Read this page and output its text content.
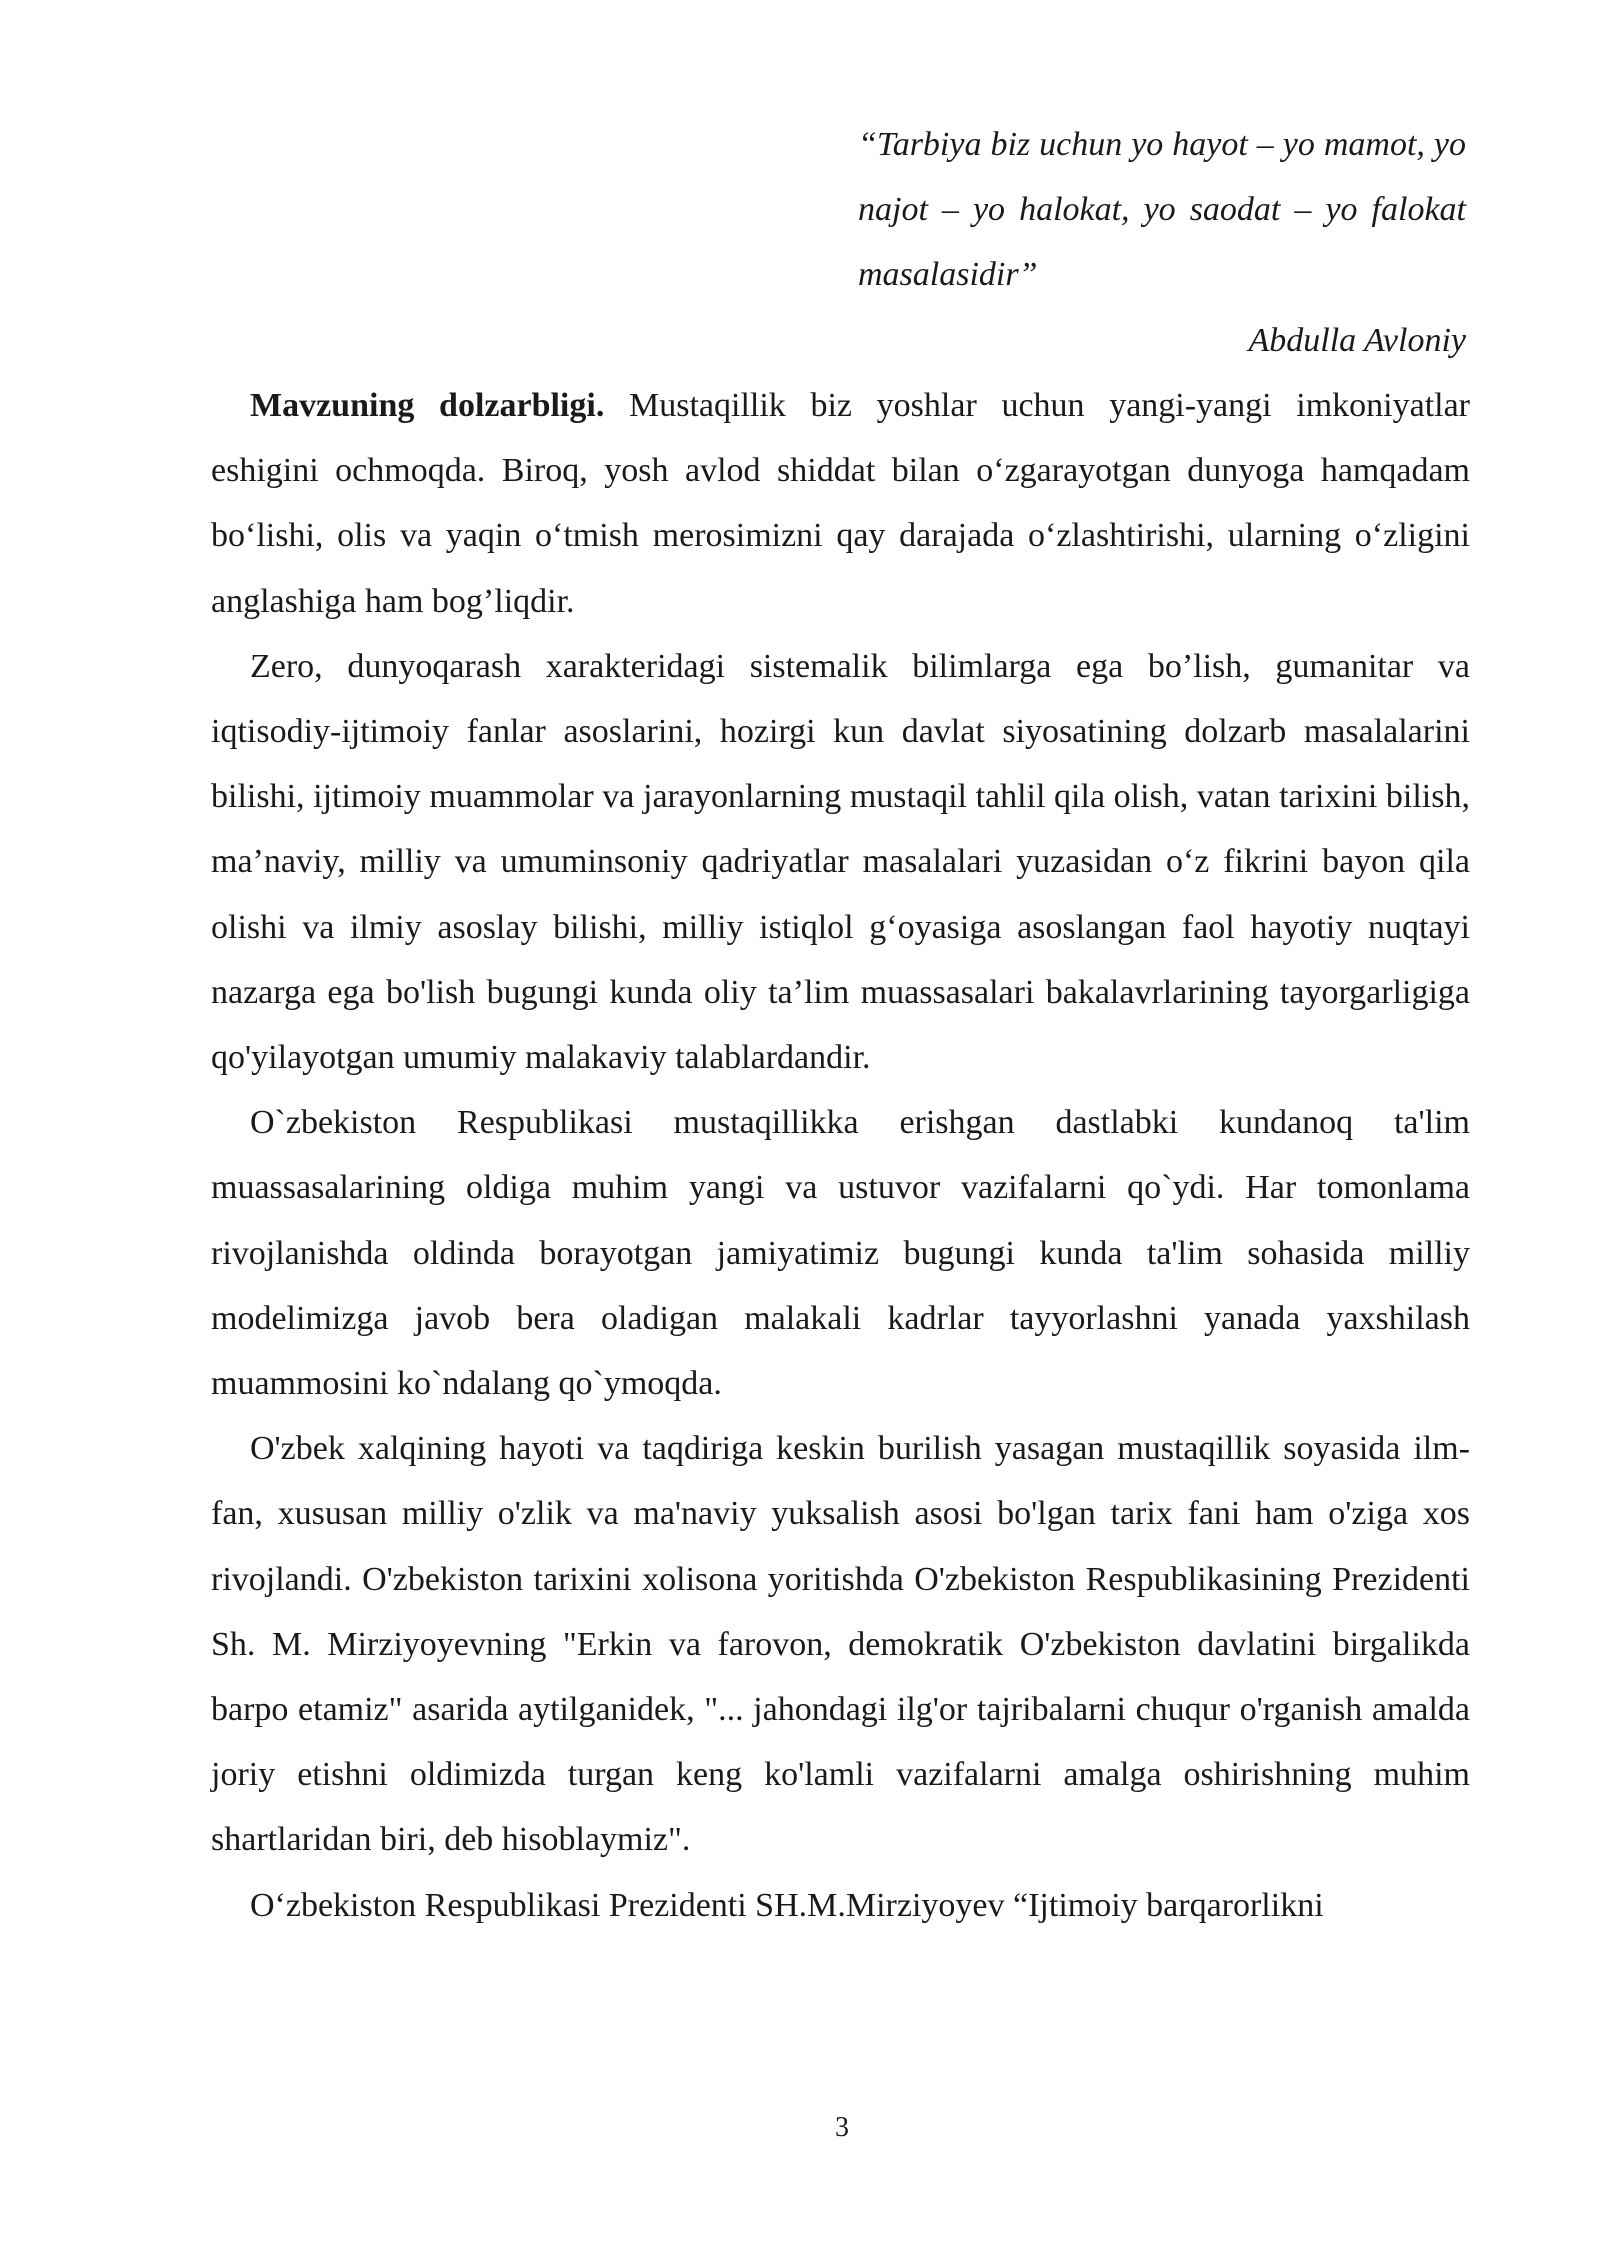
“Tarbiya biz uchun yo hayot – yo mamot, yo najot – yo halokat, yo saodat – yo falokat masalasidir”
Abdulla Avloniy

Mavzuning dolzarbligi. Mustaqillik biz yoshlar uchun yangi-yangi imkoniyatlar eshigini ochmoqda. Biroq, yosh avlod shiddat bilan o‘zgarayotgan dunyoga hamqadam bo‘lishi, olis va yaqin o‘tmish merosimizni qay darajada o‘zlashtirishi, ularning o‘zligini anglashiga ham bog’liqdir.

Zero, dunyoqarash xarakteridagi sistemalik bilimlarga ega bo’lish, gumanitar va iqtisodiy-ijtimoiy fanlar asoslarini, hozirgi kun davlat siyosatining dolzarb masalalarini bilishi, ijtimoiy muammolar va jarayonlarning mustaqil tahlil qila olish, vatan tarixini bilish, ma’naviy, milliy va umuminsoniy qadriyatlar masalalari yuzasidan o‘z fikrini bayon qila olishi va ilmiy asoslay bilishi, milliy istiqlol g‘oyasiga asoslangan faol hayotiy nuqtayi nazarga ega bo'lish bugungi kunda oliy ta’lim muassasalari bakalavrlarining tayorgarligiga qo'yilayotgan umumiy malakaviy talablardandir.

O`zbekiston Respublikasi mustaqillikka erishgan dastlabki kundanoq ta'lim muassasalarining oldiga muhim yangi va ustuvor vazifalarni qo`ydi. Har tomonlama rivojlanishda oldinda borayotgan jamiyatimiz bugungi kunda ta'lim sohasida milliy modelimizga javob bera oladigan malakali kadrlar tayyorlashni yanada yaxshilash muammosini ko`ndalang qo`ymoqda.

O'zbek xalqining hayoti va taqdiriga keskin burilish yasagan mustaqillik soyasida ilm-fan, xususan milliy o'zlik va ma'naviy yuksalish asosi bo'lgan tarix fani ham o'ziga xos rivojlandi. O'zbekiston tarixini xolisona yoritishda O'zbekiston Respublikasining Prezidenti Sh. M. Mirziyoyevning "Erkin va farovon, demokratik O'zbekiston davlatini birgalikda barpo etamiz" asarida aytilganidek, "... jahondagi ilg'or tajribalarni chuqur o'rganish amalda joriy etishni oldimizda turgan keng ko'lamli vazifalarni amalga oshirishning muhim shartlaridan biri, deb hisoblaymiz".

O‘zbekiston Respublikasi Prezidenti SH.M.Mirziyoyev “Ijtimoiy barqarorlikni

3
